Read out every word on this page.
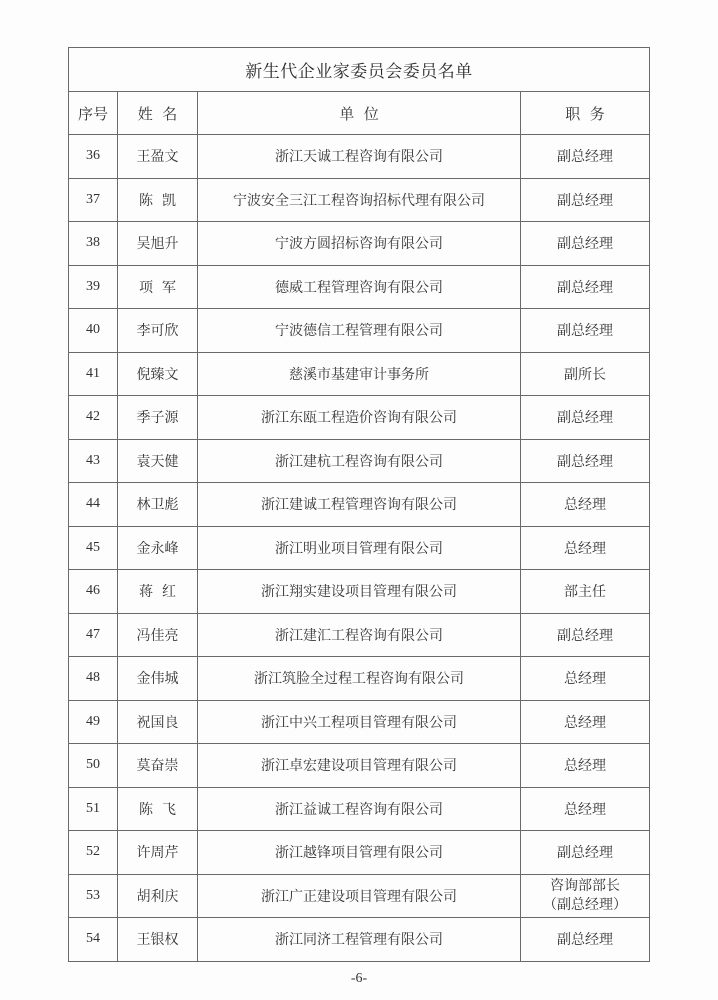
新生代企业家委员会委员名单			
序号	姓  名	单  位	职  务
36	王盈文	浙江天诚工程咨询有限公司	副总经理
37	陈  凯	宁波安全三江工程咨询招标代理有限公司	副总经理
38	吴旭升	宁波方圆招标咨询有限公司	副总经理
39	项  军	德威工程管理咨询有限公司	副总经理
40	李可欣	宁波德信工程管理有限公司	副总经理
41	倪臻文	慈溪市基建审计事务所	副所长
42	季子源	浙江东瓯工程造价咨询有限公司	副总经理
43	袁天健	浙江建杭工程咨询有限公司	副总经理
44	林卫彪	浙江建诚工程管理咨询有限公司	总经理
45	金永峰	浙江明业项目管理有限公司	总经理
46	蒋  红	浙江翔实建设项目管理有限公司	部主任
47	冯佳亮	浙江建汇工程咨询有限公司	副总经理
48	金伟城	浙江筑脸全过程工程咨询有限公司	总经理
49	祝国良	浙江中兴工程项目管理有限公司	总经理
50	莫奋崇	浙江卓宏建设项目管理有限公司	总经理
51	陈  飞	浙江益诚工程咨询有限公司	总经理
52	许周芹	浙江越锋项目管理有限公司	副总经理
53	胡利庆	浙江广正建设项目管理有限公司	咨询部部长
（副总经理）

54	王银权	浙江同济工程管理有限公司	副总经理
-6-
